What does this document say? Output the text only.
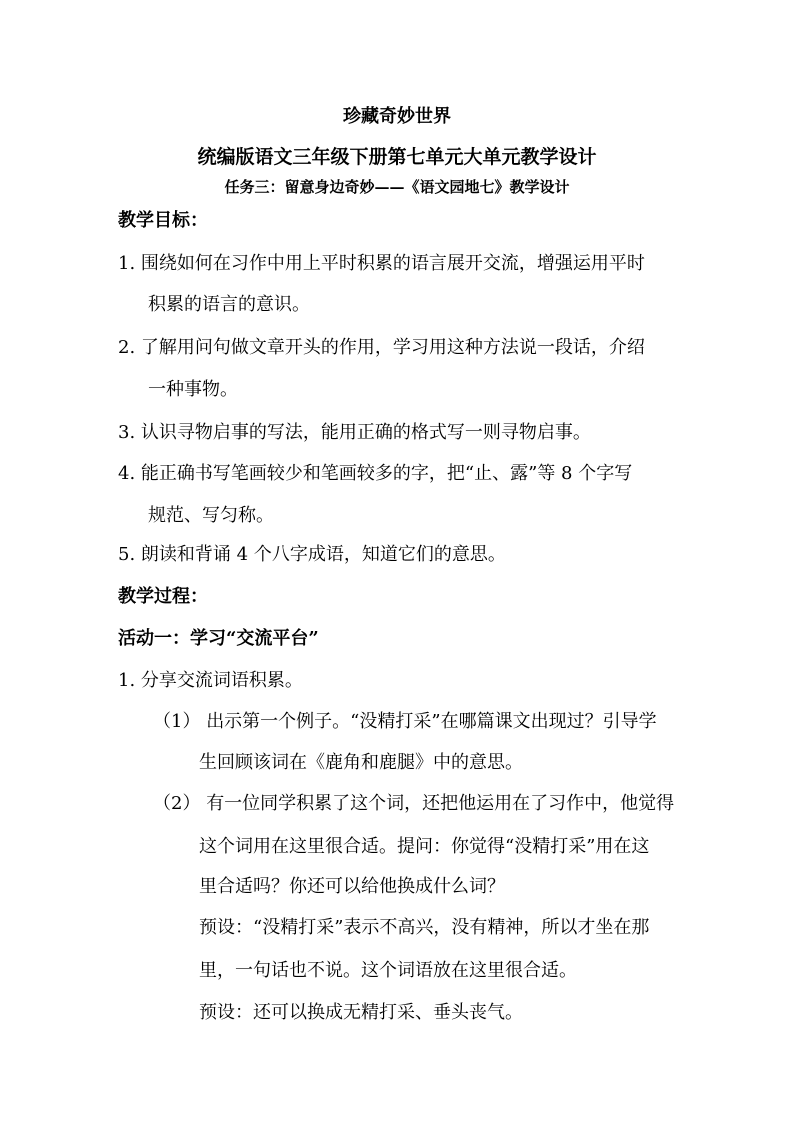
珍藏奇妙世界
统编版语文三年级下册第七单元大单元教学设计
任务三：留意身边奇妙——《语文园地七》教学设计
教学目标：
1. 围绕如何在习作中用上平时积累的语言展开交流，增强运用平时
积累的语言的意识。
2. 了解用问句做文章开头的作用，学习用这种方法说一段话，介绍
一种事物。
3. 认识寻物启事的写法，能用正确的格式写一则寻物启事。
4. 能正确书写笔画较少和笔画较多的字，把“止、露”等 8 个字写
规范、写匀称。
5. 朗读和背诵 4 个八字成语，知道它们的意思。
教学过程：
活动一：学习“交流平台”
1. 分享交流词语积累。
（1） 出示第一个例子。“没精打采”在哪篇课文出现过？引导学
生回顾该词在《鹿角和鹿腿》中的意思。
（2） 有一位同学积累了这个词，还把他运用在了习作中，他觉得
这个词用在这里很合适。提问：你觉得“没精打采”用在这
里合适吗？你还可以给他换成什么词？
预设：“没精打采”表示不高兴，没有精神，所以才坐在那
里，一句话也不说。这个词语放在这里很合适。
预设：还可以换成无精打采、垂头丧气。
